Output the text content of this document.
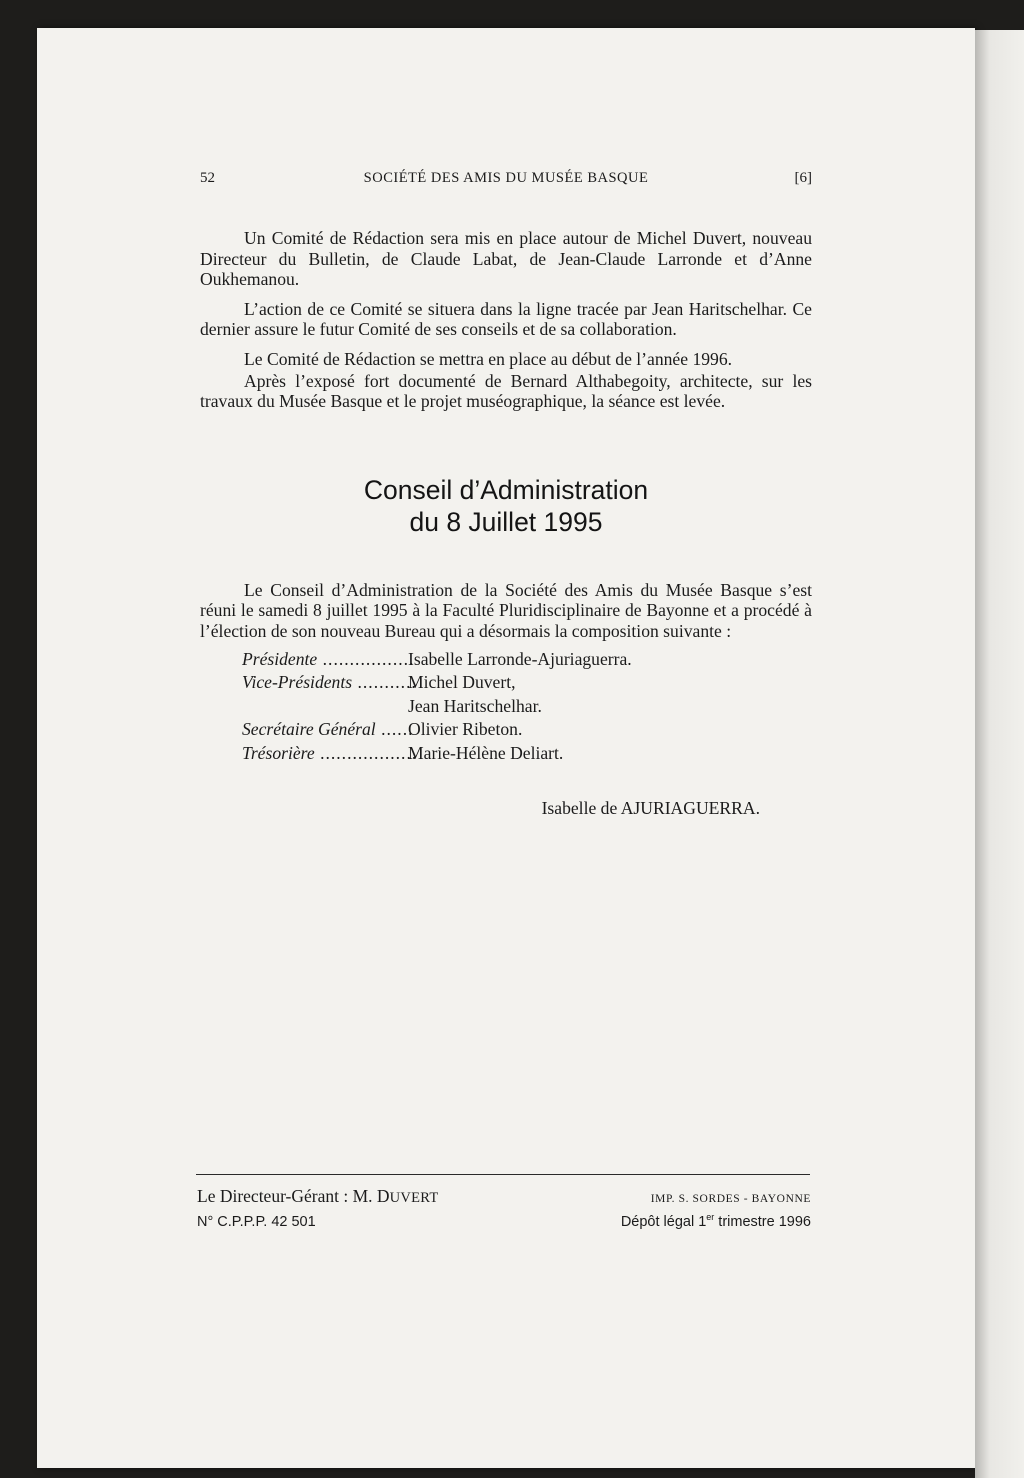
52	SOCIÉTÉ DES AMIS DU MUSÉE BASQUE	[6]

Un Comité de Rédaction sera mis en place autour de Michel Duvert, nouveau Directeur du Bulletin, de Claude Labat, de Jean-Claude Larronde et d’Anne Oukhemanou.

L’action de ce Comité se situera dans la ligne tracée par Jean Haritschelhar. Ce dernier assure le futur Comité de ses conseils et de sa collaboration.

Le Comité de Rédaction se mettra en place au début de l’année 1996.

Après l’exposé fort documenté de Bernard Althabegoity, architecte, sur les travaux du Musée Basque et le projet muséographique, la séance est levée.

Conseil d’Administration
du 8 Juillet 1995
Le Conseil d’Administration de la Société des Amis du Musée Basque s’est réuni le samedi 8 juillet 1995 à la Faculté Pluridisciplinaire de Bayonne et a procédé à l’élection de son nouveau Bureau qui a désormais la composition suivante :
Présidente .................
Isabelle Larronde-Ajuriaguerra.
Vice-Présidents ...........
Michel Duvert,
Jean Haritschelhar.
Secrétaire Général ......
Olivier Ribeton.
Trésorière ..................
Marie-Hélène Deliart.
Isabelle de AJURIAGUERRA.
Le Directeur-Gérant : M. DUVERT	IMP. S. SORDES - BAYONNE
N° C.P.P.P. 42 501	Dépôt légal 1er trimestre 1996
